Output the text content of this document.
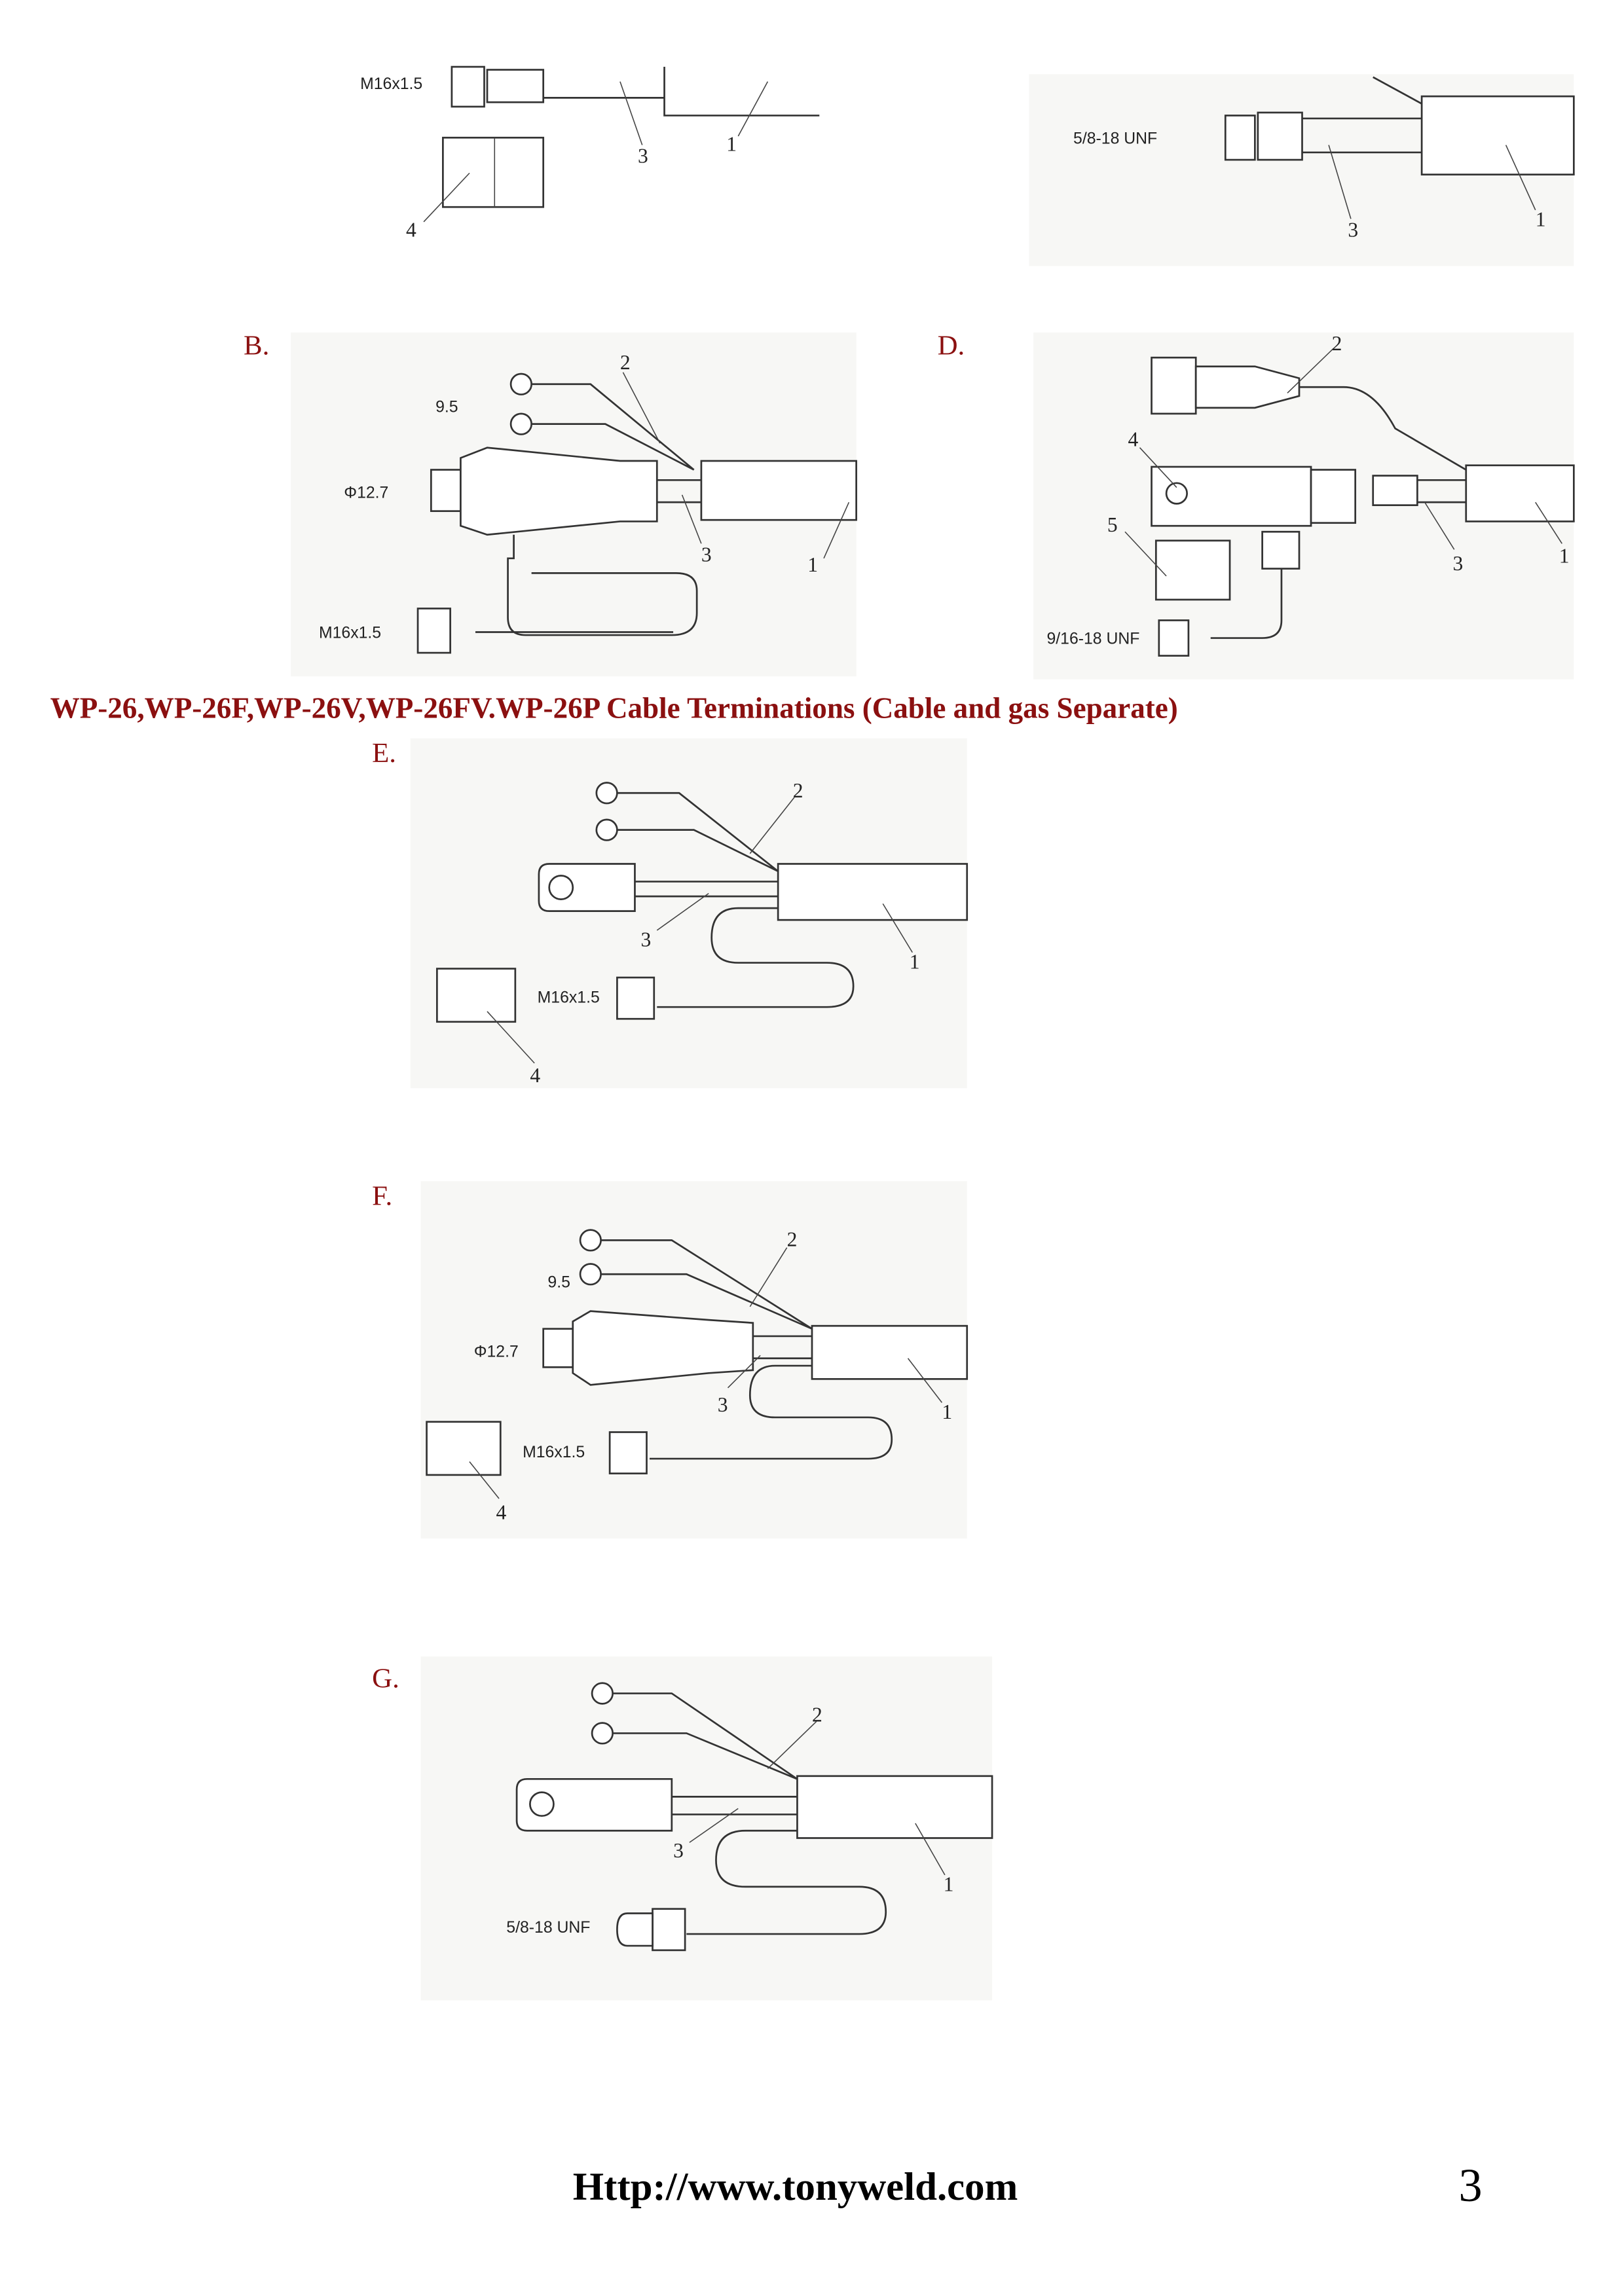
M16x1.5
3
1
4
5/8-18 UNF
3	1
B.
9.5
Φ12.7
M16x1.5
2
3	1
D.
9/16-18 UNF
2
4
5
3	1
WP-26,WP-26F,WP-26V,WP-26FV.WP-26P Cable Terminations (Cable and gas Separate)
E.
M16x1.5
2
3
1
4
F.
9.5
Φ12.7
M16x1.5
2
3	1
4
G.
5/8-18 UNF
2
3
1
Http://www.tonyweld.com	3
